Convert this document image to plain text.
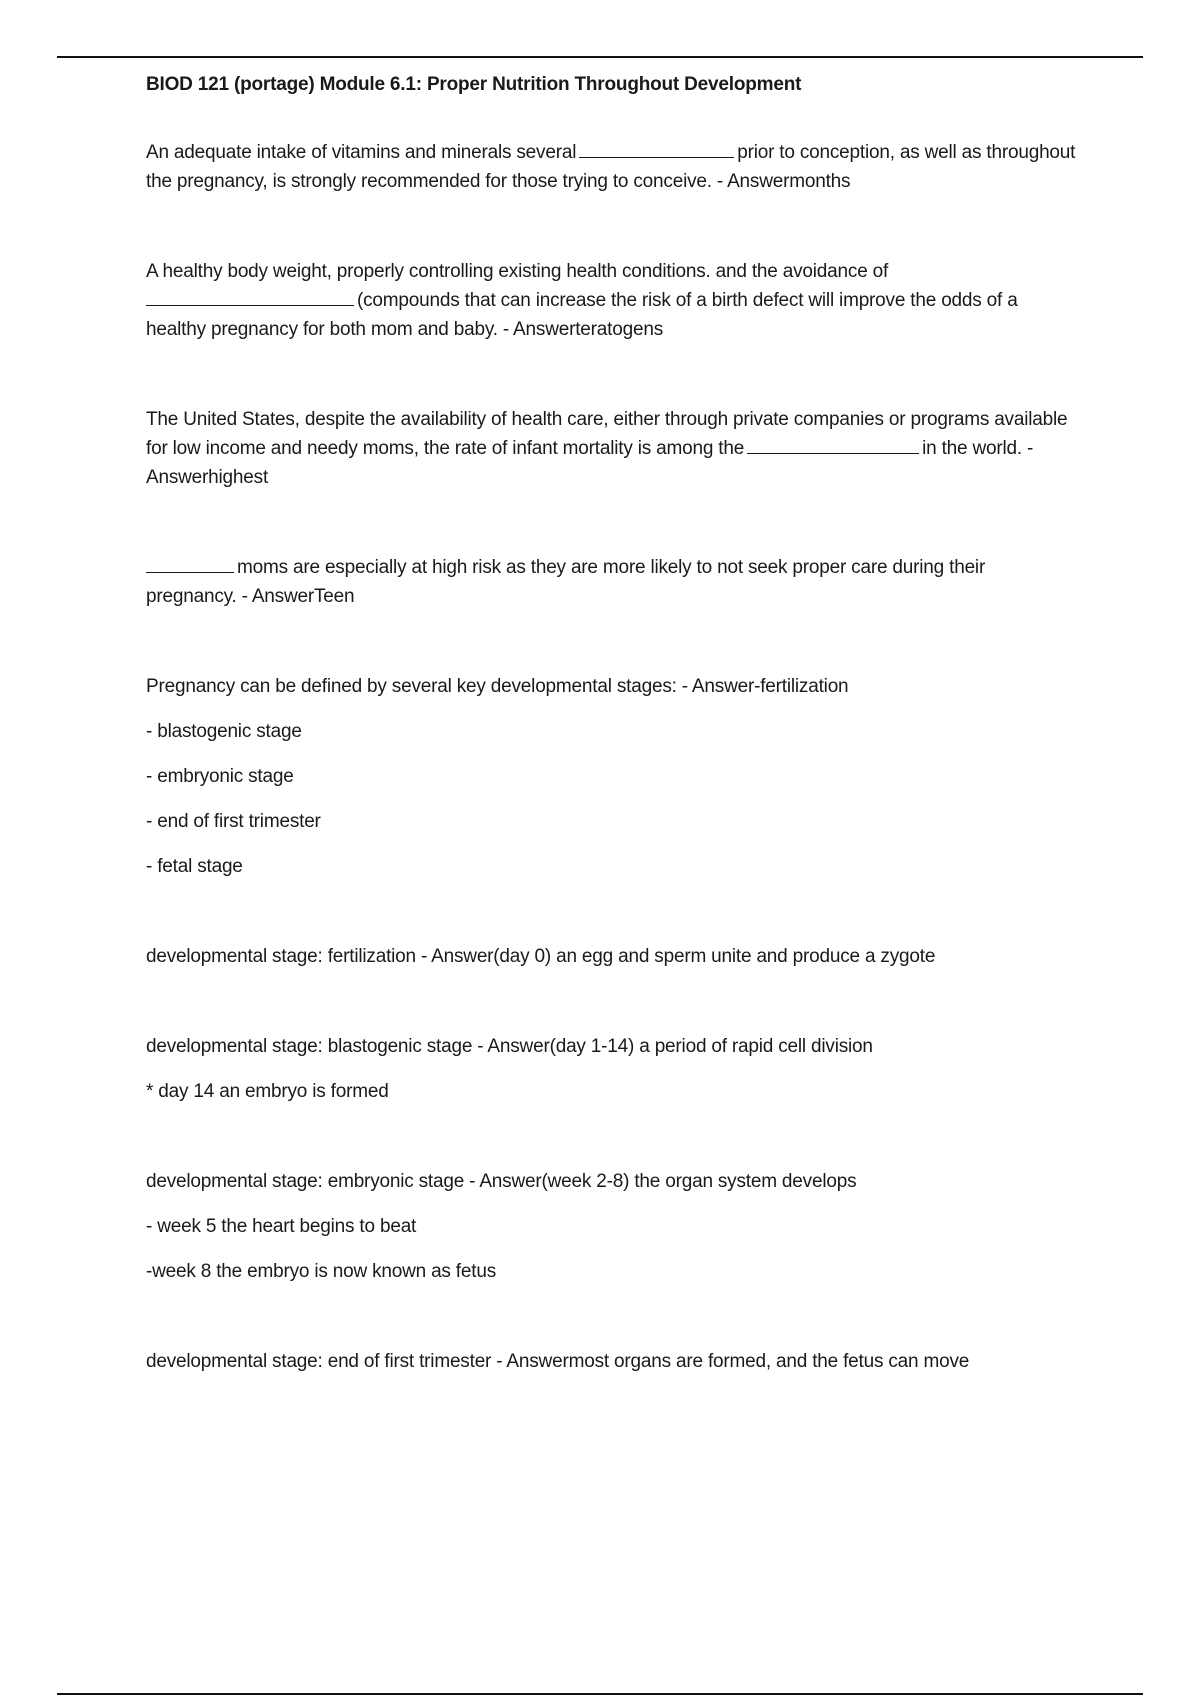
BIOD 121 (portage) Module 6.1: Proper Nutrition Throughout Development

An adequate intake of vitamins and minerals several	prior to conception, as well as throughout the pregnancy, is strongly recommended for those trying to conceive. - Answermonths

A healthy body weight, properly controlling existing health conditions. and the avoidance of
(compounds that can increase the risk of a birth defect will improve the odds of a healthy pregnancy for both mom and baby. - Answerteratogens

The United States, despite the availability of health care, either through private companies or programs available for low income and needy moms, the rate of infant mortality is among the	in the world. - Answerhighest

moms are especially at high risk as they are more likely to not seek proper care during their pregnancy. - AnswerTeen

Pregnancy can be defined by several key developmental stages: - Answer-fertilization

- blastogenic stage

- embryonic stage

- end of first trimester

- fetal stage

developmental stage: fertilization - Answer(day 0) an egg and sperm unite and produce a zygote

developmental stage: blastogenic stage - Answer(day 1-14) a period of rapid cell division

* day 14 an embryo is formed

developmental stage: embryonic stage - Answer(week 2-8) the organ system develops

- week 5 the heart begins to beat

-week 8 the embryo is now known as fetus

developmental stage: end of first trimester - Answermost organs are formed, and the fetus can move
